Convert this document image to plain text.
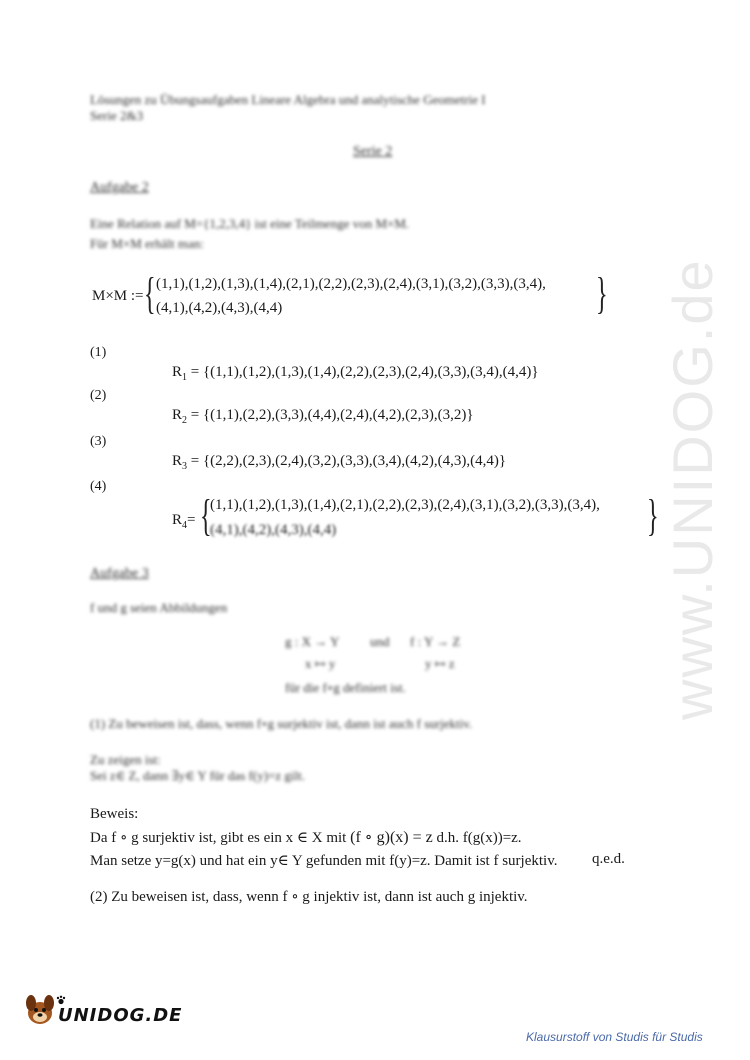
www.UNIDOG.de
Lösungen zu Übungsaufgaben Lineare Algebra und analytische Geometrie I
Serie 2&3
Serie 2
Aufgabe 2
Eine Relation auf M={1,2,3,4} ist eine Teilmenge von M×M.
Für M×M erhält man:
M×M := { (1,1),(1,2),(1,3),(1,4),(2,1),(2,2),(2,3),(2,4),(3,1),(3,2),(3,3),(3,4),
(4,1),(4,2),(4,3),(4,4)	}
(1)
$R_1 = \{(1,1),(1,2),(1,3),(1,4),(2,2),(2,3),(2,4),(3,3),(3,4),(4,4)\}$
(2)
$R_2 = \{(1,1),(2,2),(3,3),(4,4),(2,4),(4,2),(2,3),(3,2)\}$
(3)
$R_3 = \{(2,2),(2,3),(2,4),(3,2),(3,3),(3,4),(4,2),(4,3),(4,4)\}$
(4)
$R_4=$ {
(1,1),(1,2),(1,3),(1,4),(2,1),(2,2),(2,3),(2,4),(3,1),(3,2),(3,3),(3,4),
(4,1),(4,2),(4,3),(4,4)	}
Aufgabe 3
f und g seien Abbildungen
g : X → Y und f : Y → Z
x ↦ y	y ↦ z
für die f∘g definiert ist.
(1) Zu beweisen ist, dass, wenn f∘g surjektiv ist, dann ist auch f surjektiv.
Zu zeigen ist:
Sei z∈ Z, dann ∃y∈ Y für das f(y)=z gilt.
Beweis:
Da f ∘ g surjektiv ist, gibt es ein x ∈ X mit (f ∘ g)(x) = z d.h. f(g(x))=z.
Man setze y=g(x) und hat ein y∈ Y gefunden mit f(y)=z. Damit ist f surjektiv. q.e.d.
(2) Zu beweisen ist, dass, wenn f ∘ g injektiv ist, dann ist auch g injektiv.
UNIDOG.DE
Klausurstoff von Studis für Studis
